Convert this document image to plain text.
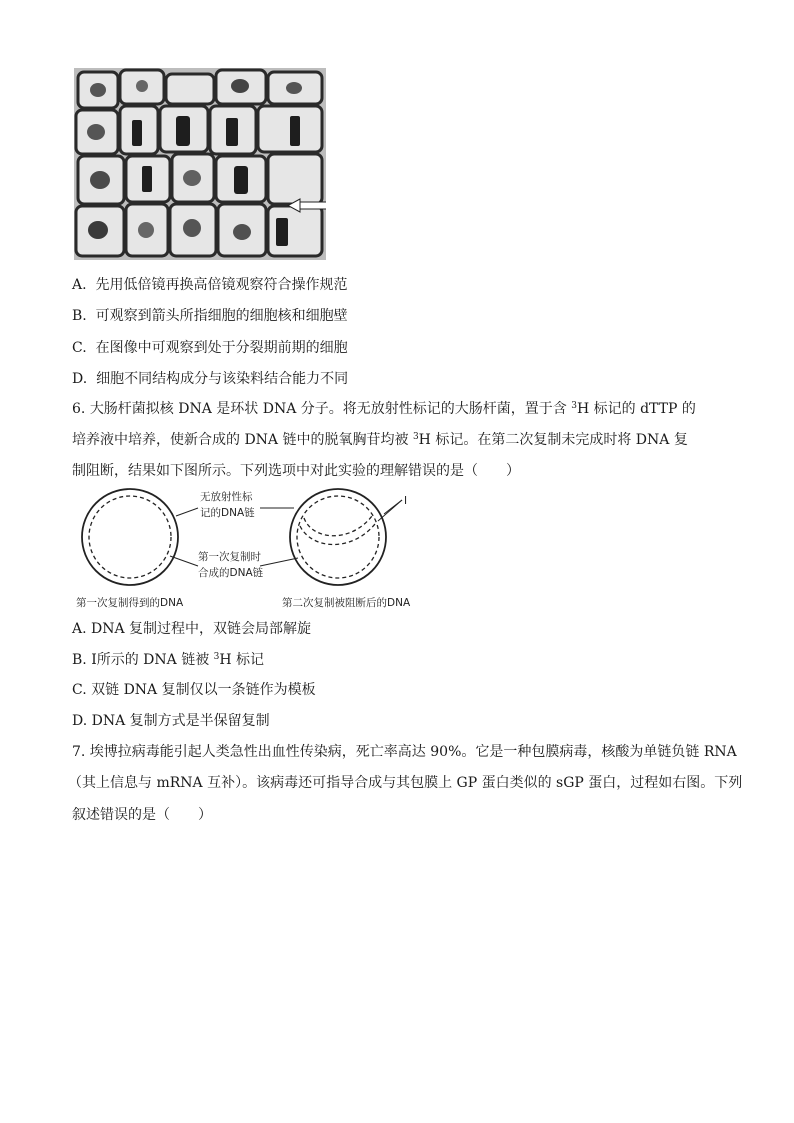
A. 先用低倍镜再换高倍镜观察符合操作规范
B. 可观察到箭头所指细胞的细胞核和细胞壁
C. 在图像中可观察到处于分裂期前期的细胞
D. 细胞不同结构成分与该染料结合能力不同
6. 大肠杆菌拟核 DNA 是环状 DNA 分子。将无放射性标记的大肠杆菌，置于含 $^3$H 标记的 dTTP 的
培养液中培养，使新合成的 DNA 链中的脱氧胸苷均被 $^3$H 标记。在第二次复制未完成时将 DNA 复
制阻断，结果如下图所示。下列选项中对此实验的理解错误的是（　　）
无放射性标
记的DNA链
第一次复制时
合成的DNA链
Ⅰ
第一次复制得到的DNA	第二次复制被阻断后的DNA
A. DNA 复制过程中，双链会局部解旋
B. Ⅰ所示的 DNA 链被 $^3$H 标记
C. 双链 DNA 复制仅以一条链作为模板
D. DNA 复制方式是半保留复制
7. 埃博拉病毒能引起人类急性出血性传染病，死亡率高达 90%。它是一种包膜病毒，核酸为单链负链 RNA
（其上信息与 mRNA 互补）。该病毒还可指导合成与其包膜上 GP 蛋白类似的 sGP 蛋白，过程如右图。下列
叙述错误的是（　　）
